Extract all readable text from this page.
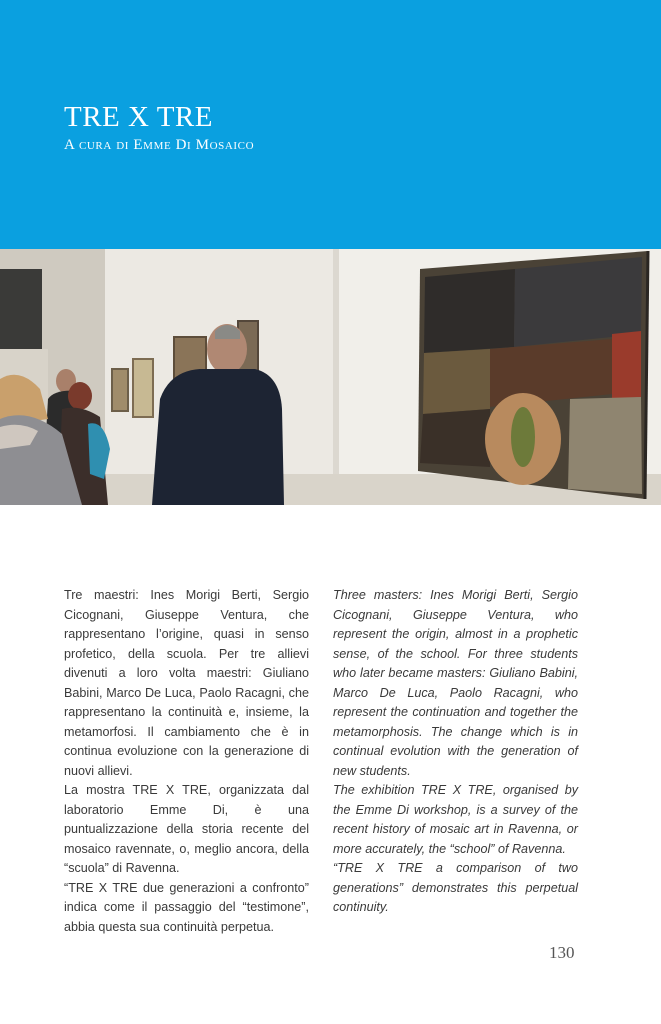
TRE X TRE
A cura di Emme Di Mosaico

Tre maestri: Ines Morigi Berti, Sergio Cicognani, Giuseppe Ventura, che rappresentano l’origine, quasi in senso profetico, della scuola. Per tre allievi divenuti a loro volta maestri: Giuliano Babini, Marco De Luca, Paolo Racagni, che rappresentano la continuità e, insieme, la metamorfosi. Il cambiamento che è in continua evoluzione con la generazione di nuovi allievi.

La mostra TRE X TRE, organizzata dal laboratorio Emme Di, è una puntualizzazione della storia recente del mosaico ravennate, o, meglio ancora, della “scuola” di Ravenna.

“TRE X TRE due generazioni a confronto” indica come il passaggio del “testimone”, abbia questa sua continuità perpetua.

Three masters: Ines Morigi Berti, Sergio Cicognani, Giuseppe Ventura, who represent the origin, almost in a prophetic sense, of the school. For three students who later became masters: Giuliano Babini, Marco De Luca, Paolo Racagni, who represent the continuation and together the metamorphosis. The change which is in continual evolution with the generation of new students.

The exhibition TRE X TRE, organised by the Emme Di workshop, is a survey of the recent history of mosaic art in Ravenna, or more accurately, the “school” of Ravenna.

“TRE X TRE a comparison of two generations” demonstrates this perpetual continuity.

130
